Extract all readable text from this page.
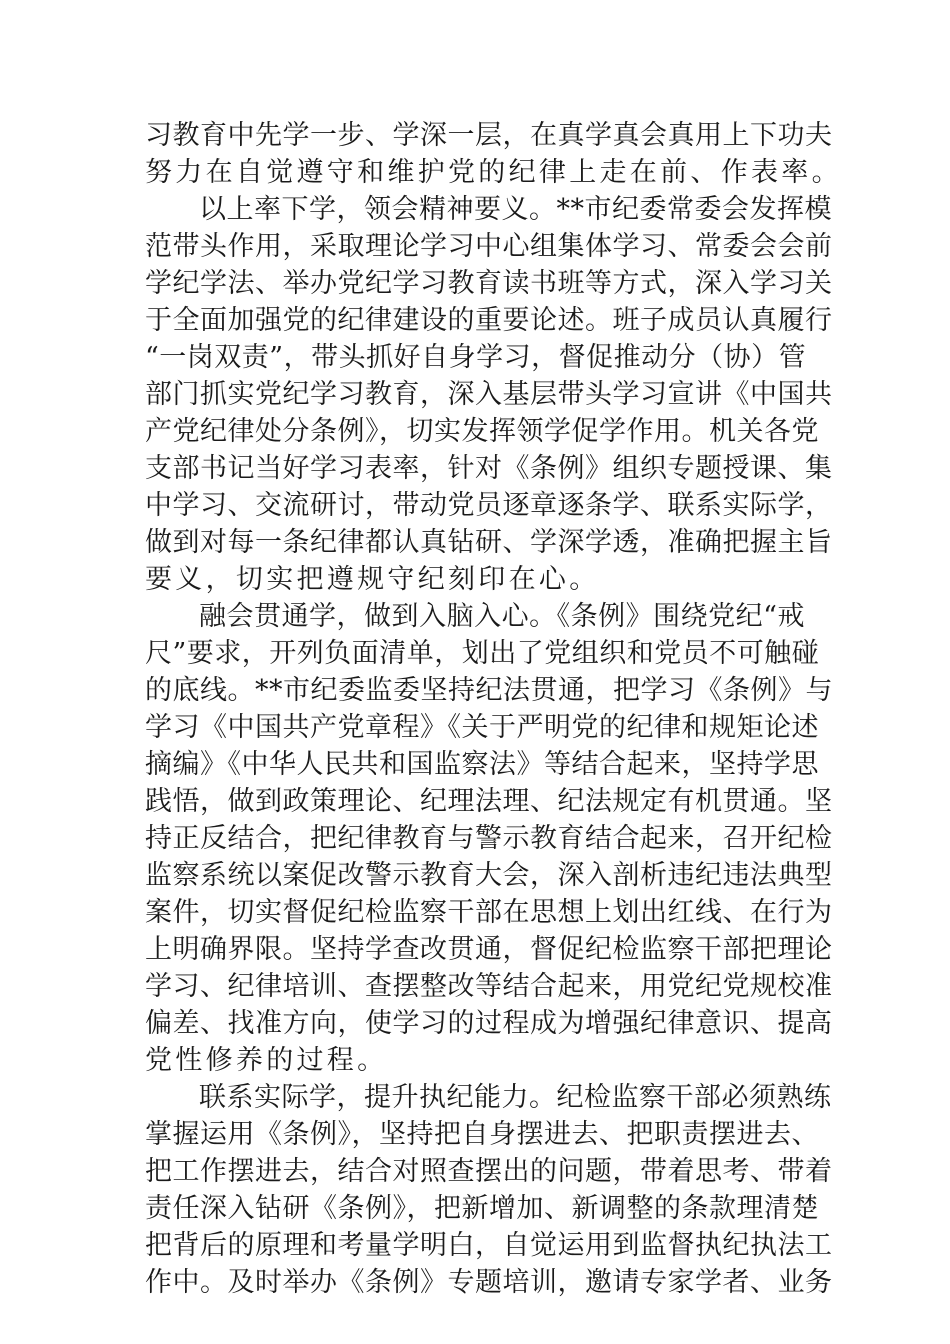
习教育中先学一步、学深一层，在真学真会真用上下功夫

努力在自觉遵守和维护党的纪律上走在前、作表率。

以上率下学，领会精神要义。**市纪委常委会发挥模

范带头作用，采取理论学习中心组集体学习、常委会会前

学纪学法、举办党纪学习教育读书班等方式，深入学习关

于全面加强党的纪律建设的重要论述。班子成员认真履行

“一岗双责”，带头抓好自身学习，督促推动分（协）管

部门抓实党纪学习教育，深入基层带头学习宣讲《中国共

产党纪律处分条例》，切实发挥领学促学作用。机关各党

支部书记当好学习表率，针对《条例》组织专题授课、集

中学习、交流研讨，带动党员逐章逐条学、联系实际学，

做到对每一条纪律都认真钻研、学深学透，准确把握主旨

要义，切实把遵规守纪刻印在心。

融会贯通学，做到入脑入心。《条例》围绕党纪“戒

尺”要求，开列负面清单，划出了党组织和党员不可触碰

的底线。**市纪委监委坚持纪法贯通，把学习《条例》与

学习《中国共产党章程》《关于严明党的纪律和规矩论述

摘编》《中华人民共和国监察法》等结合起来，坚持学思

践悟，做到政策理论、纪理法理、纪法规定有机贯通。坚

持正反结合，把纪律教育与警示教育结合起来，召开纪检

监察系统以案促改警示教育大会，深入剖析违纪违法典型

案件，切实督促纪检监察干部在思想上划出红线、在行为

上明确界限。坚持学查改贯通，督促纪检监察干部把理论

学习、纪律培训、查摆整改等结合起来，用党纪党规校准

偏差、找准方向，使学习的过程成为增强纪律意识、提高

党性修养的过程。

联系实际学，提升执纪能力。纪检监察干部必须熟练

掌握运用《条例》，坚持把自身摆进去、把职责摆进去、

把工作摆进去，结合对照查摆出的问题，带着思考、带着

责任深入钻研《条例》，把新增加、新调整的条款理清楚

把背后的原理和考量学明白，自觉运用到监督执纪执法工

作中。及时举办《条例》专题培训，邀请专家学者、业务
